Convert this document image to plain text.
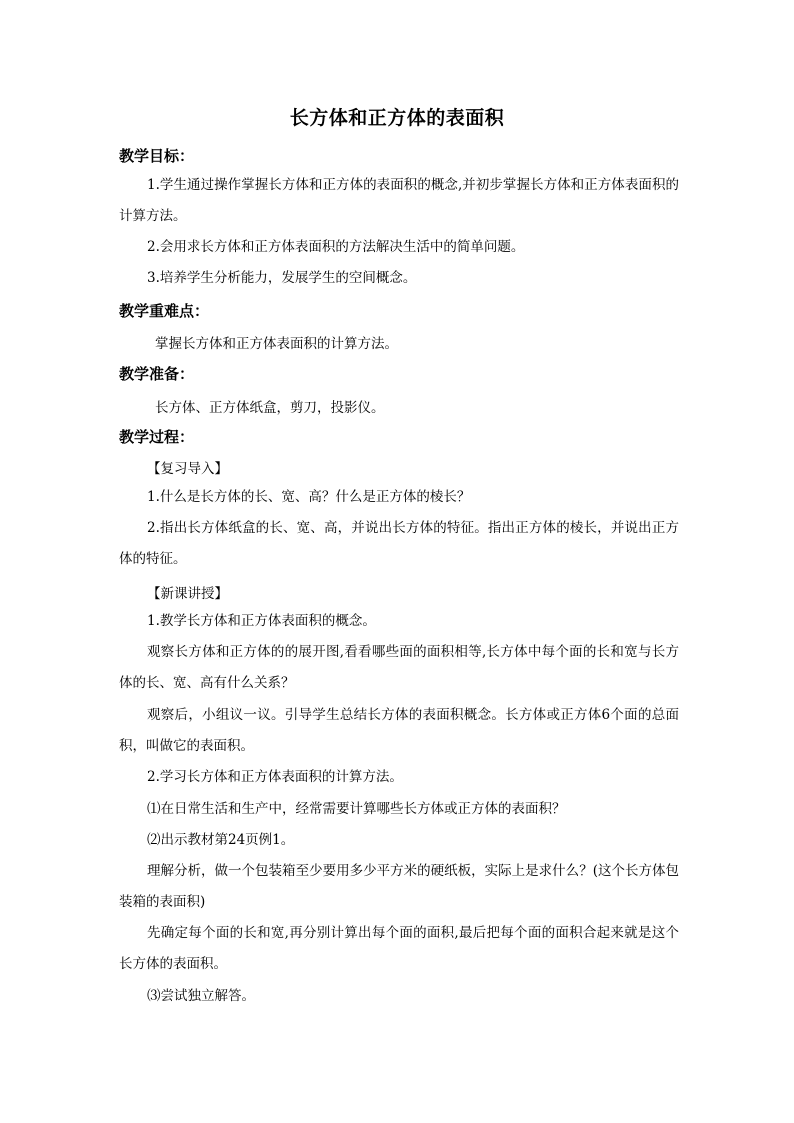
长方体和正方体的表面积
教学目标：

1.学生通过操作掌握长方体和正方体的表面积的概念,并初步掌握长方体和正方体表面积的计算方法。

2.会用求长方体和正方体表面积的方法解决生活中的简单问题。

3.培养学生分析能力，发展学生的空间概念。

教学重难点：
掌握长方体和正方体表面积的计算方法。
教学准备：
长方体、正方体纸盒，剪刀，投影仪。
教学过程：
【复习导入】

1.什么是长方体的长、宽、高？什么是正方体的棱长？

2.指出长方体纸盒的长、宽、高，并说出长方体的特征。指出正方体的棱长，并说出正方体的特征。

【新课讲授】

1.教学长方体和正方体表面积的概念。

观察长方体和正方体的的展开图,看看哪些面的面积相等,长方体中每个面的长和宽与长方体的长、宽、高有什么关系？

观察后，小组议一议。引导学生总结长方体的表面积概念。长方体或正方体6个面的总面积，叫做它的表面积。

2.学习长方体和正方体表面积的计算方法。

⑴在日常生活和生产中，经常需要计算哪些长方体或正方体的表面积？

⑵出示教材第24页例1。

理解分析，做一个包装箱至少要用多少平方米的硬纸板，实际上是求什么？(这个长方体包装箱的表面积)

先确定每个面的长和宽,再分别计算出每个面的面积,最后把每个面的面积合起来就是这个长方体的表面积。

⑶尝试独立解答。
